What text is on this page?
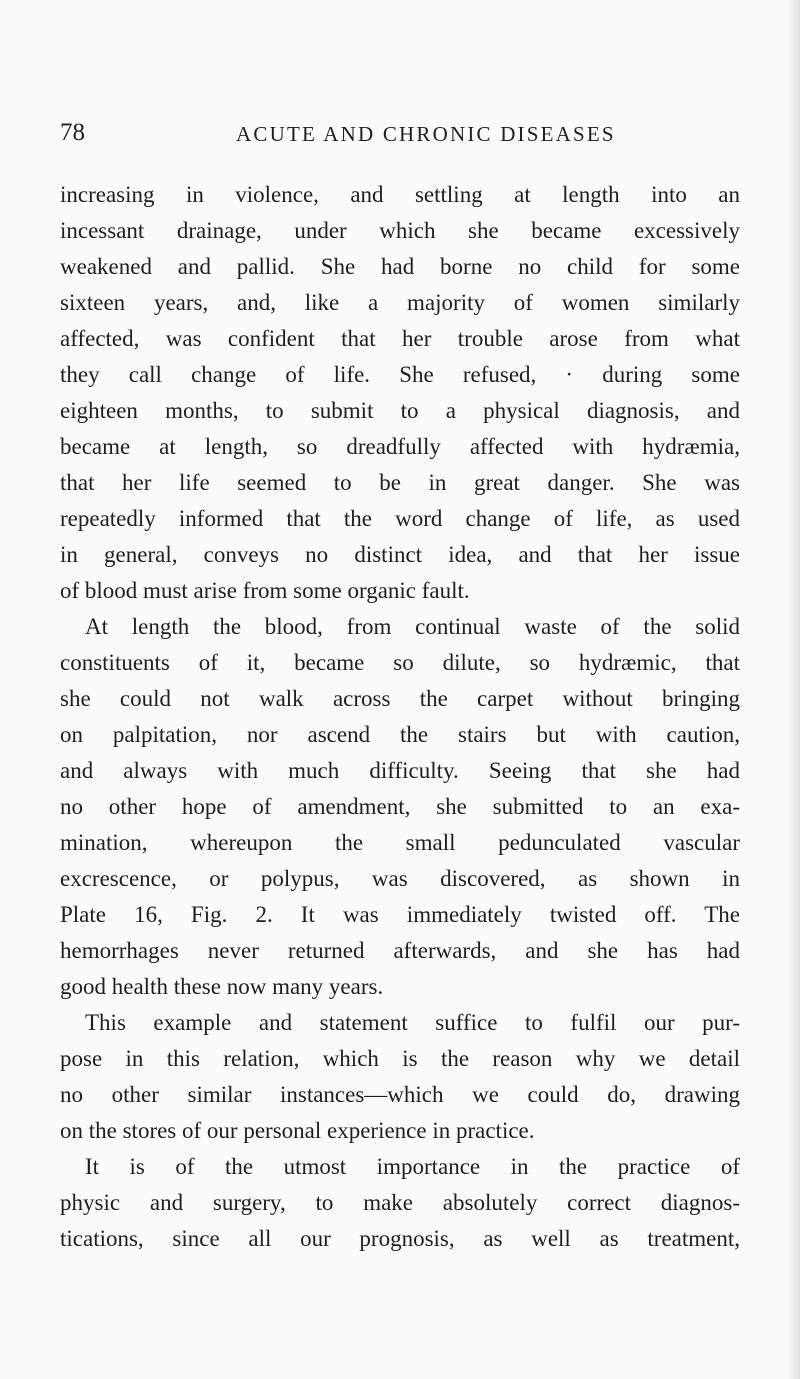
78	ACUTE AND CHRONIC DISEASES
increasing in violence, and settling at length into an
incessant drainage, under which she became excessively
weakened and pallid. She had borne no child for some
sixteen years, and, like a majority of women similarly
affected, was confident that her trouble arose from what
they call change of life. She refused, · during some
eighteen months, to submit to a physical diagnosis, and
became at length, so dreadfully affected with hydræmia,
that her life seemed to be in great danger. She was
repeatedly informed that the word change of life, as used
in general, conveys no distinct idea, and that her issue
of blood must arise from some organic fault.
At length the blood, from continual waste of the solid
constituents of it, became so dilute, so hydræmic, that
she could not walk across the carpet without bringing
on palpitation, nor ascend the stairs but with caution,
and always with much difficulty. Seeing that she had
no other hope of amendment, she submitted to an exa-
mination, whereupon the small pedunculated vascular
excrescence, or polypus, was discovered, as shown in
Plate 16, Fig. 2. It was immediately twisted off. The
hemorrhages never returned afterwards, and she has had
good health these now many years.
This example and statement suffice to fulfil our pur-
pose in this relation, which is the reason why we detail
no other similar instances—which we could do, drawing
on the stores of our personal experience in practice.
It is of the utmost importance in the practice of
physic and surgery, to make absolutely correct diagnos-
tications, since all our prognosis, as well as treatment,
